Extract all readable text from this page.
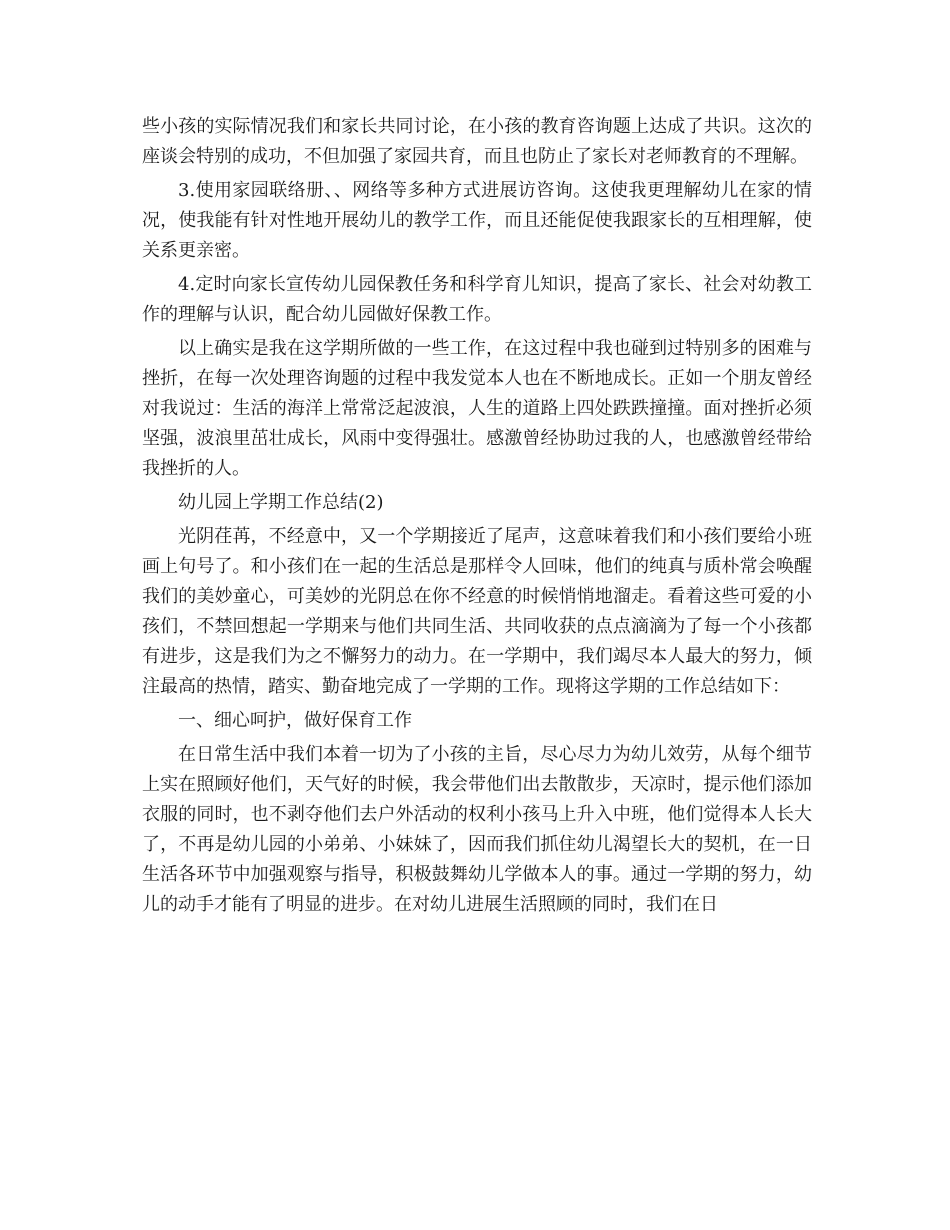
些小孩的实际情况我们和家长共同讨论，在小孩的教育咨询题上达成了共识。这次的座谈会特别的成功，不但加强了家园共育，而且也防止了家长对老师教育的不理解。

3.使用家园联络册、、网络等多种方式进展访咨询。这使我更理解幼儿在家的情况，使我能有针对性地开展幼儿的教学工作，而且还能促使我跟家长的互相理解，使关系更亲密。

4.定时向家长宣传幼儿园保教任务和科学育儿知识，提高了家长、社会对幼教工作的理解与认识，配合幼儿园做好保教工作。

以上确实是我在这学期所做的一些工作，在这过程中我也碰到过特别多的困难与挫折，在每一次处理咨询题的过程中我发觉本人也在不断地成长。正如一个朋友曾经对我说过：生活的海洋上常常泛起波浪，人生的道路上四处跌跌撞撞。面对挫折必须坚强，波浪里茁壮成长，风雨中变得强壮。感激曾经协助过我的人，也感激曾经带给我挫折的人。

幼儿园上学期工作总结(2)

光阴荏苒，不经意中，又一个学期接近了尾声，这意味着我们和小孩们要给小班画上句号了。和小孩们在一起的生活总是那样令人回味，他们的纯真与质朴常会唤醒我们的美妙童心，可美妙的光阴总在你不经意的时候悄悄地溜走。看着这些可爱的小孩们，不禁回想起一学期来与他们共同生活、共同收获的点点滴滴为了每一个小孩都有进步，这是我们为之不懈努力的动力。在一学期中，我们竭尽本人最大的努力，倾注最高的热情，踏实、勤奋地完成了一学期的工作。现将这学期的工作总结如下：

一、细心呵护，做好保育工作

在日常生活中我们本着一切为了小孩的主旨，尽心尽力为幼儿效劳，从每个细节上实在照顾好他们，天气好的时候，我会带他们出去散散步，天凉时，提示他们添加衣服的同时，也不剥夺他们去户外活动的权利小孩马上升入中班，他们觉得本人长大了，不再是幼儿园的小弟弟、小妹妹了，因而我们抓住幼儿渴望长大的契机，在一日生活各环节中加强观察与指导，积极鼓舞幼儿学做本人的事。通过一学期的努力，幼儿的动手才能有了明显的进步。在对幼儿进展生活照顾的同时，我们在日
